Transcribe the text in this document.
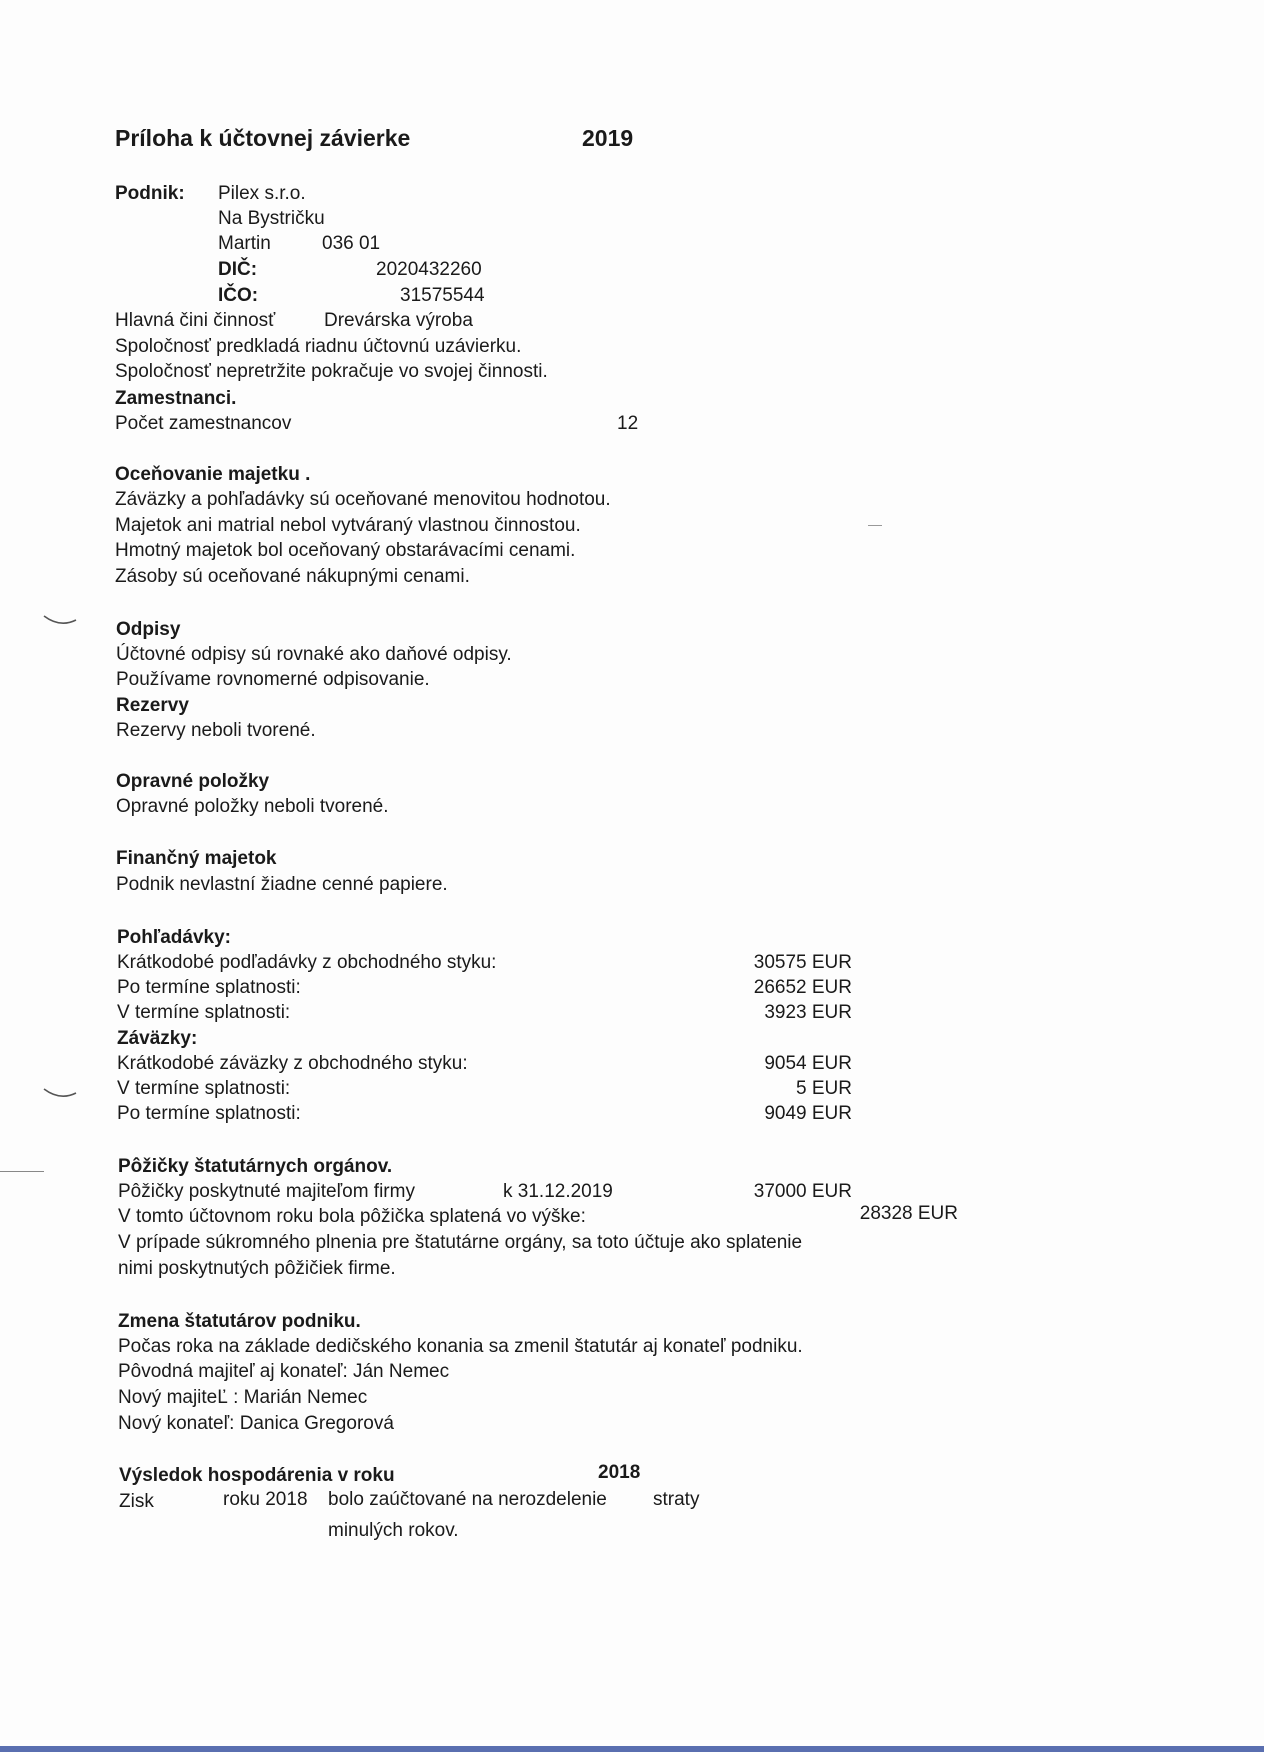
Príloha k účtovnej závierke	2019
Podnik: Pilex s.r.o.
Na Bystričku
Martin	036 01
DIČ:	2020432260
IČO:	31575544
Hlavná čini činnosť	Drevárska výroba
Spoločnosť predkladá riadnu účtovnú uzávierku.
Spoločnosť nepretržite pokračuje vo svojej činnosti.
Zamestnanci.
Počet zamestnancov	12
Oceňovanie majetku .
Záväzky a pohľadávky sú oceňované menovitou hodnotou.
Majetok ani matrial nebol vytváraný vlastnou činnostou.
Hmotný majetok bol oceňovaný obstarávacími cenami.
Zásoby sú oceňované nákupnými cenami.
Odpisy
Účtovné odpisy sú rovnaké ako daňové odpisy.
Používame rovnomerné odpisovanie.
Rezervy
Rezervy neboli tvorené.
Opravné položky
Opravné položky neboli tvorené.
Finančný majetok
Podnik nevlastní žiadne cenné papiere.
Pohľadávky:
Krátkodobé podľadávky z obchodného styku:	30575 EUR
Po termíne splatnosti:	26652 EUR
V termíne splatnosti:	3923 EUR
Záväzky:
Krátkodobé záväzky z obchodného styku:	9054 EUR
V termíne splatnosti:	5 EUR
Po termíne splatnosti:	9049 EUR
Pôžičky štatutárnych orgánov.
Pôžičky poskytnuté majiteľom firmy	k 31.12.2019	37000 EUR
V tomto účtovnom roku bola pôžička splatená vo výške:	28328 EUR
V prípade súkromného plnenia pre štatutárne orgány, sa toto účtuje ako splatenie
nimi poskytnutých pôžičiek firme.
Zmena štatutárov podniku.
Počas roka na základe dedičského konania sa zmenil štatutár aj konateľ podniku.
Pôvodná majiteľ aj konateľ: Ján Nemec
Nový majiteĽ : Marián Nemec
Nový konateľ: Danica Gregorová
Výsledok hospodárenia v roku	2018
Zisk	roku 2018 bolo zaúčtované na nerozdelenie straty
minulých rokov.
